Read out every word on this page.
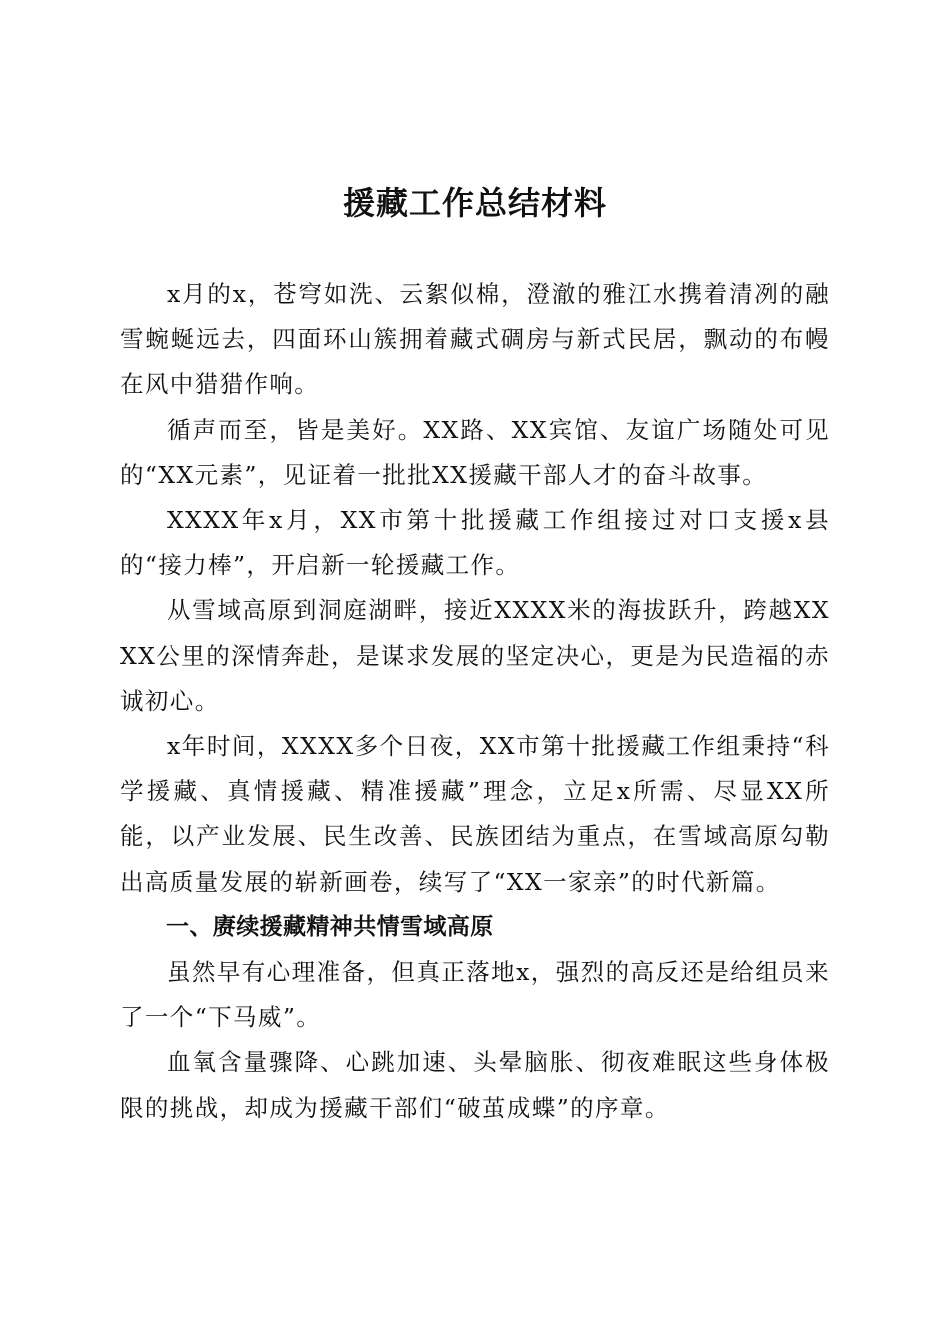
援藏工作总结材料

x月的x，苍穹如洗、云絮似棉，澄澈的雅江水携着清冽的融雪蜿蜒远去，四面环山簇拥着藏式碉房与新式民居，飘动的布幔在风中猎猎作响。

循声而至，皆是美好。XX路、XX宾馆、友谊广场随处可见的“XX元素”，见证着一批批XX援藏干部人才的奋斗故事。

XXXX年x月，XX市第十批援藏工作组接过对口支援x县的“接力棒”，开启新一轮援藏工作。

从雪域高原到洞庭湖畔，接近XXXX米的海拔跃升，跨越XXXX公里的深情奔赴，是谋求发展的坚定决心，更是为民造福的赤诚初心。

x年时间，XXXX多个日夜，XX市第十批援藏工作组秉持“科学援藏、真情援藏、精准援藏”理念，立足x所需、尽显XX所能，以产业发展、民生改善、民族团结为重点，在雪域高原勾勒出高质量发展的崭新画卷，续写了“XX一家亲”的时代新篇。

一、赓续援藏精神共情雪域高原

虽然早有心理准备，但真正落地x，强烈的高反还是给组员来了一个“下马威”。

血氧含量骤降、心跳加速、头晕脑胀、彻夜难眠这些身体极限的挑战，却成为援藏干部们“破茧成蝶”的序章。
